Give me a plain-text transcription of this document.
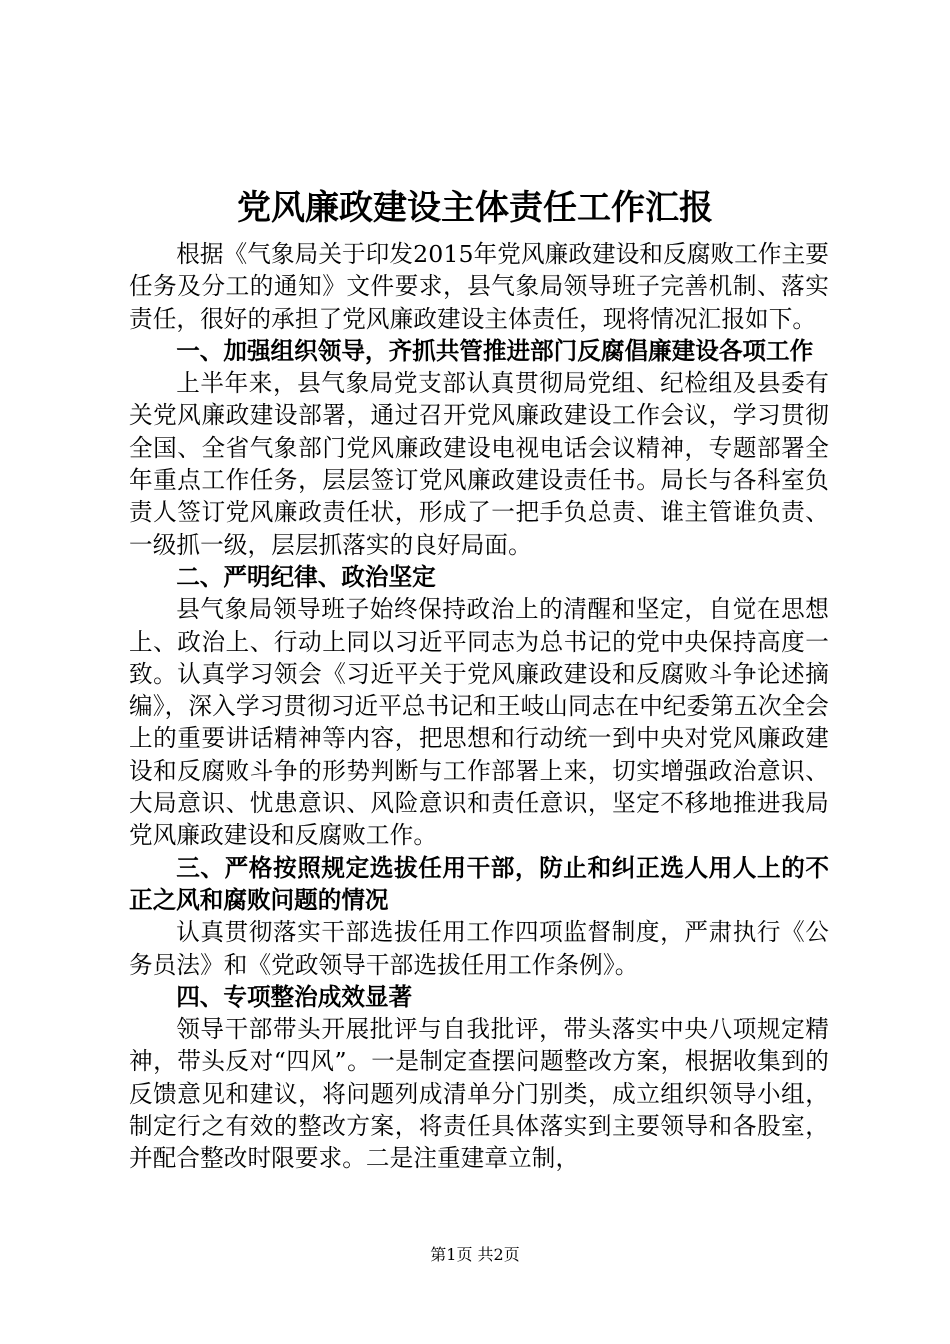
党风廉政建设主体责任工作汇报

根据《气象局关于印发2015年党风廉政建设和反腐败工作主要任务及分工的通知》文件要求，县气象局领导班子完善机制、落实责任，很好的承担了党风廉政建设主体责任，现将情况汇报如下。

一、加强组织领导，齐抓共管推进部门反腐倡廉建设各项工作

上半年来，县气象局党支部认真贯彻局党组、纪检组及县委有关党风廉政建设部署，通过召开党风廉政建设工作会议，学习贯彻全国、全省气象部门党风廉政建设电视电话会议精神，专题部署全年重点工作任务，层层签订党风廉政建设责任书。局长与各科室负责人签订党风廉政责任状，形成了一把手负总责、谁主管谁负责、一级抓一级，层层抓落实的良好局面。

二、严明纪律、政治坚定

县气象局领导班子始终保持政治上的清醒和坚定，自觉在思想上、政治上、行动上同以习近平同志为总书记的党中央保持高度一致。认真学习领会《习近平关于党风廉政建设和反腐败斗争论述摘编》，深入学习贯彻习近平总书记和王岐山同志在中纪委第五次全会上的重要讲话精神等内容，把思想和行动统一到中央对党风廉政建设和反腐败斗争的形势判断与工作部署上来，切实增强政治意识、大局意识、忧患意识、风险意识和责任意识，坚定不移地推进我局党风廉政建设和反腐败工作。

三、严格按照规定选拔任用干部，防止和纠正选人用人上的不正之风和腐败问题的情况

认真贯彻落实干部选拔任用工作四项监督制度，严肃执行《公务员法》和《党政领导干部选拔任用工作条例》。

四、专项整治成效显著

领导干部带头开展批评与自我批评，带头落实中央八项规定精神，带头反对“四风”。一是制定查摆问题整改方案，根据收集到的反馈意见和建议，将问题列成清单分门别类，成立组织领导小组，制定行之有效的整改方案，将责任具体落实到主要领导和各股室，并配合整改时限要求。二是注重建章立制，

第1页 共2页
